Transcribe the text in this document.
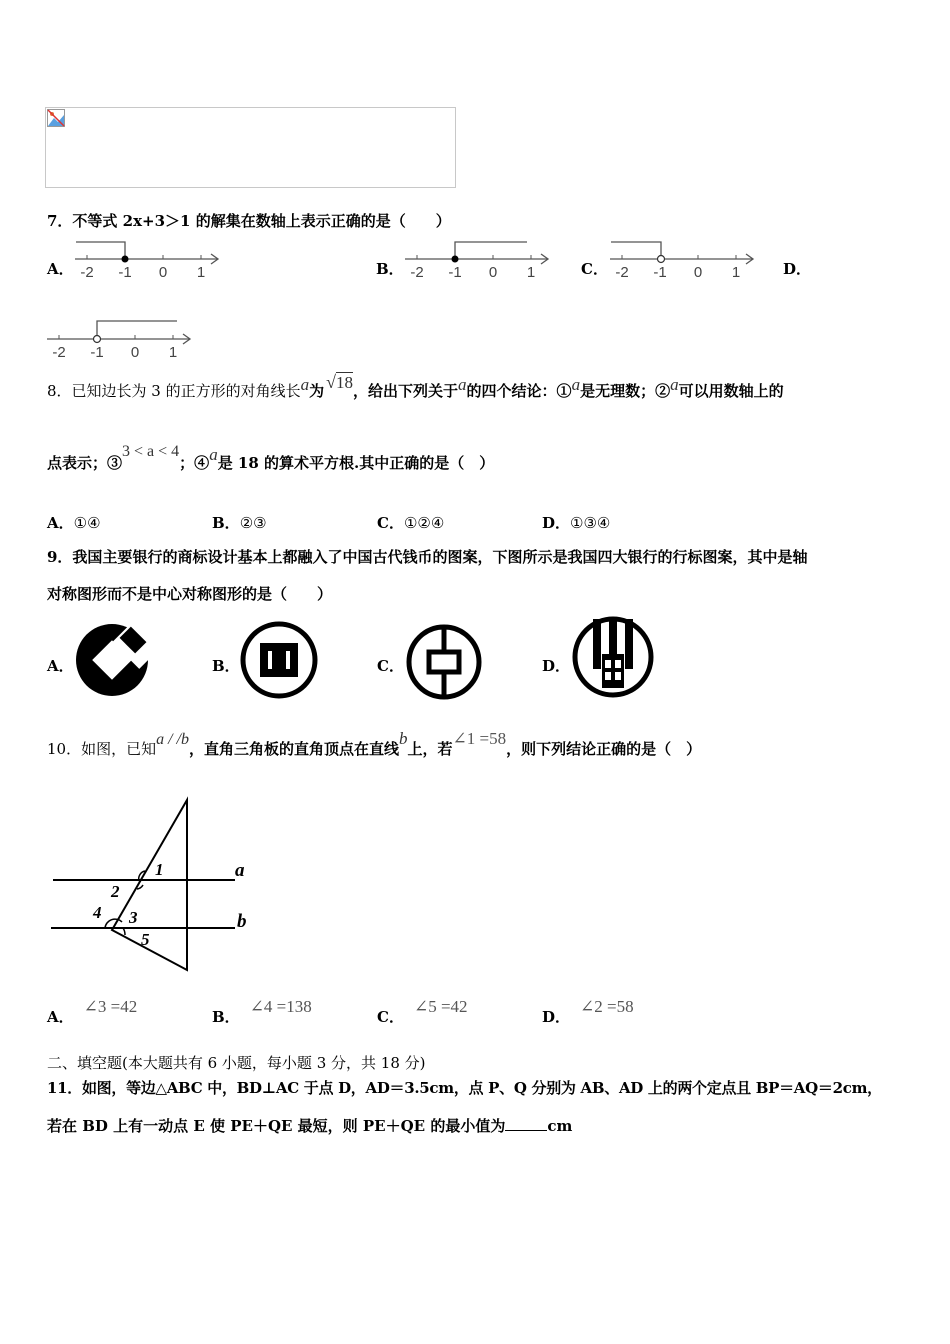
7．不等式 2x+3＞1 的解集在数轴上表示正确的是（　　）
A． -2 -1 0 1	B． -2 -1 0 1	C． -2 -1 0 1	D．
-2 -1 0 1
8．已知边长为 3 的正方形的对角线长a为 √18，给出下列关于a的四个结论：①a是无理数；②a可以用数轴上的
点表示；③3 < a < 4；④a是 18 的算术平方根.其中正确的是（　）
A．①④	B．②③	C．①②④	D．①③④
9．我国主要银行的商标设计基本上都融入了中国古代钱币的图案，下图所示是我国四大银行的行标图案，其中是轴
对称图形而不是中心对称图形的是（　　）
A．	B．	C．	D．
10．如图，已知a / /b，直角三角板的直角顶点在直线b上，若∠1 =58，则下列结论正确的是（　）
a
b
1
2
3
4
5
A．∠3 =42
B．∠4 =138
C．∠5 =42
D．∠2 =58
二、填空题(本大题共有 6 小题，每小题 3 分，共 18 分)
11．如图，等边△ABC 中，BD⊥AC 于点 D，AD＝3.5cm，点 P、Q 分别为 AB、AD 上的两个定点且 BP＝AQ＝2cm，
若在 BD 上有一动点 E 使 PE＋QE 最短，则 PE＋QE 的最小值为	cm
